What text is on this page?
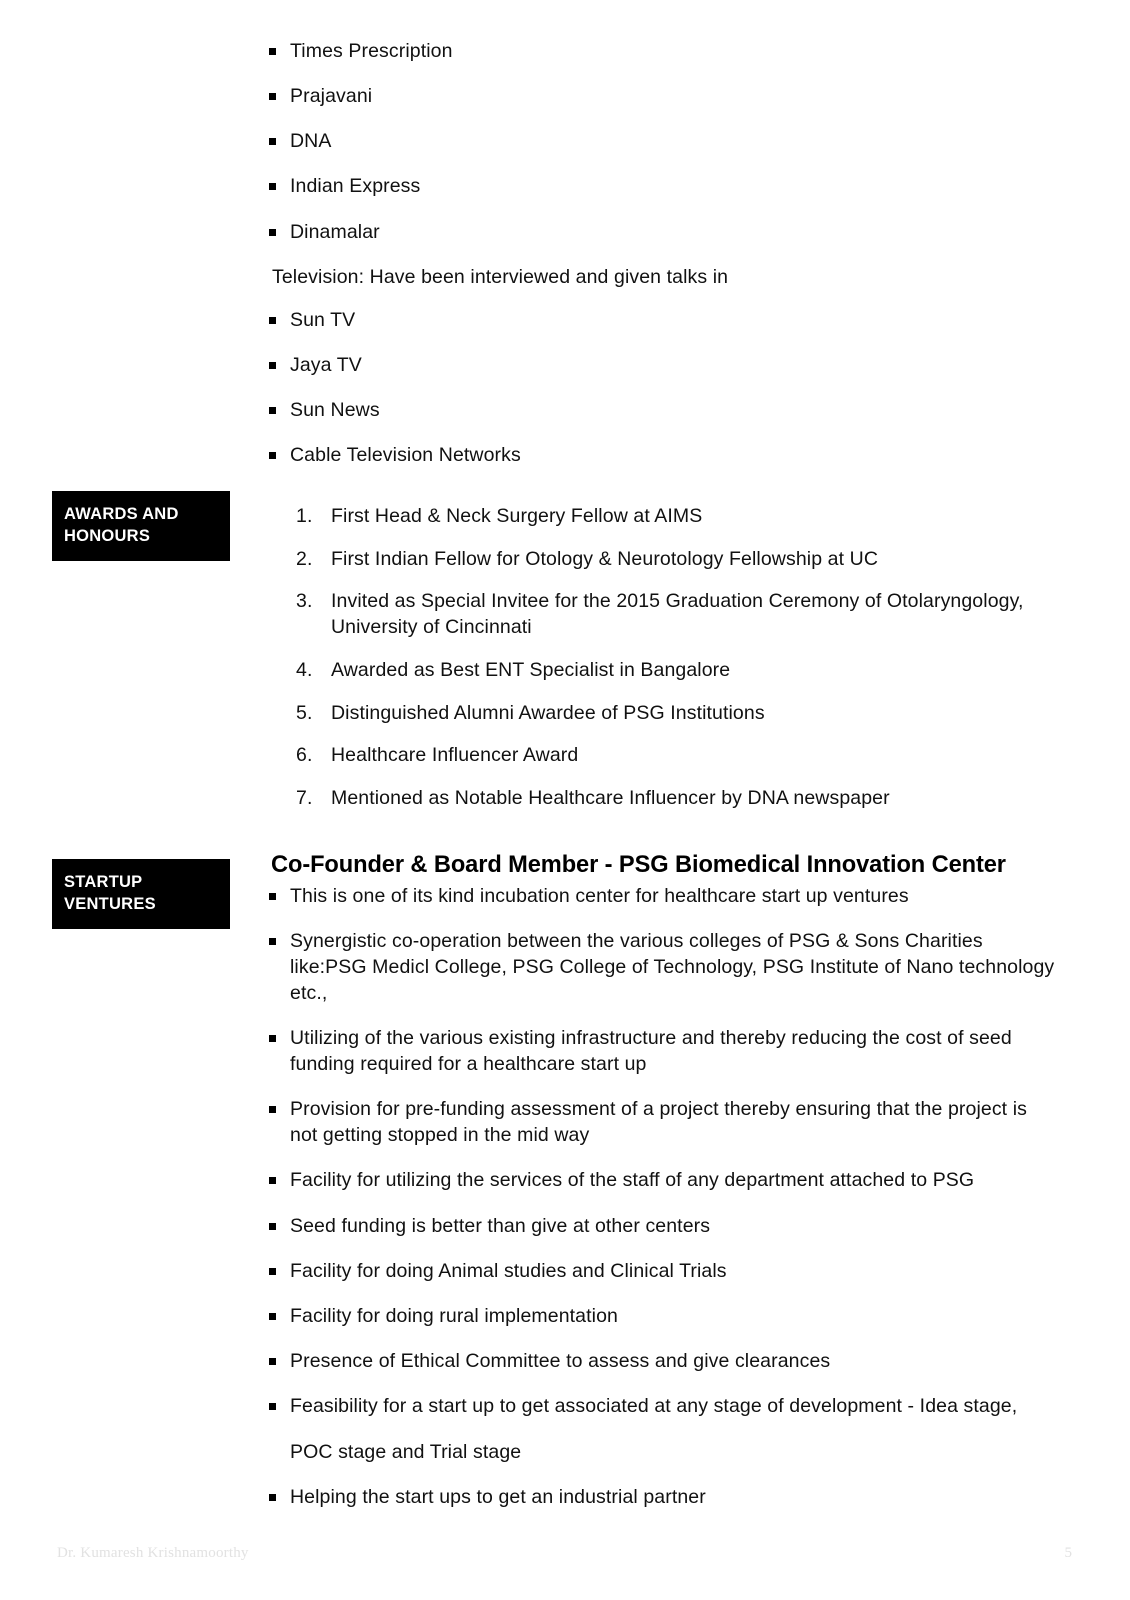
Times Prescription
Prajavani
DNA
Indian Express
Dinamalar

Television: Have been interviewed and given talks in

Sun TV
Jaya TV
Sun News
Cable Television Networks
AWARDS AND
HONOURS
First Head & Neck Surgery Fellow at AIMS
First Indian Fellow for Otology & Neurotology Fellowship at UC
Invited as Special Invitee for the 2015 Graduation Ceremony of Otolaryngology, University of Cincinnati
Awarded as Best ENT Specialist in Bangalore
Distinguished Alumni Awardee of PSG Institutions
Healthcare Influencer Award
Mentioned as Notable Healthcare Influencer by DNA newspaper
STARTUP
VENTURES
Co-Founder & Board Member - PSG Biomedical Innovation Center
This is one of its kind incubation center for healthcare start up ventures
Synergistic co-operation between the various colleges of PSG & Sons Charities like:PSG Medicl College, PSG College of Technology, PSG Institute of Nano technology etc.,
Utilizing of the various existing infrastructure and thereby reducing the cost of seed funding required for a healthcare start up
Provision for pre-funding assessment of a project thereby ensuring that the project is not getting stopped in the mid way
Facility for utilizing the services of the staff of any department attached to PSG
Seed funding is better than give at other centers
Facility for doing Animal studies and Clinical Trials
Facility for doing rural implementation
Presence of Ethical Committee to assess and give clearances
Feasibility for a start up to get associated at any stage of development - Idea stage,
POC stage and Trial stage
Helping the start ups to get an industrial partner
Dr. Kumaresh Krishnamoorthy	5
